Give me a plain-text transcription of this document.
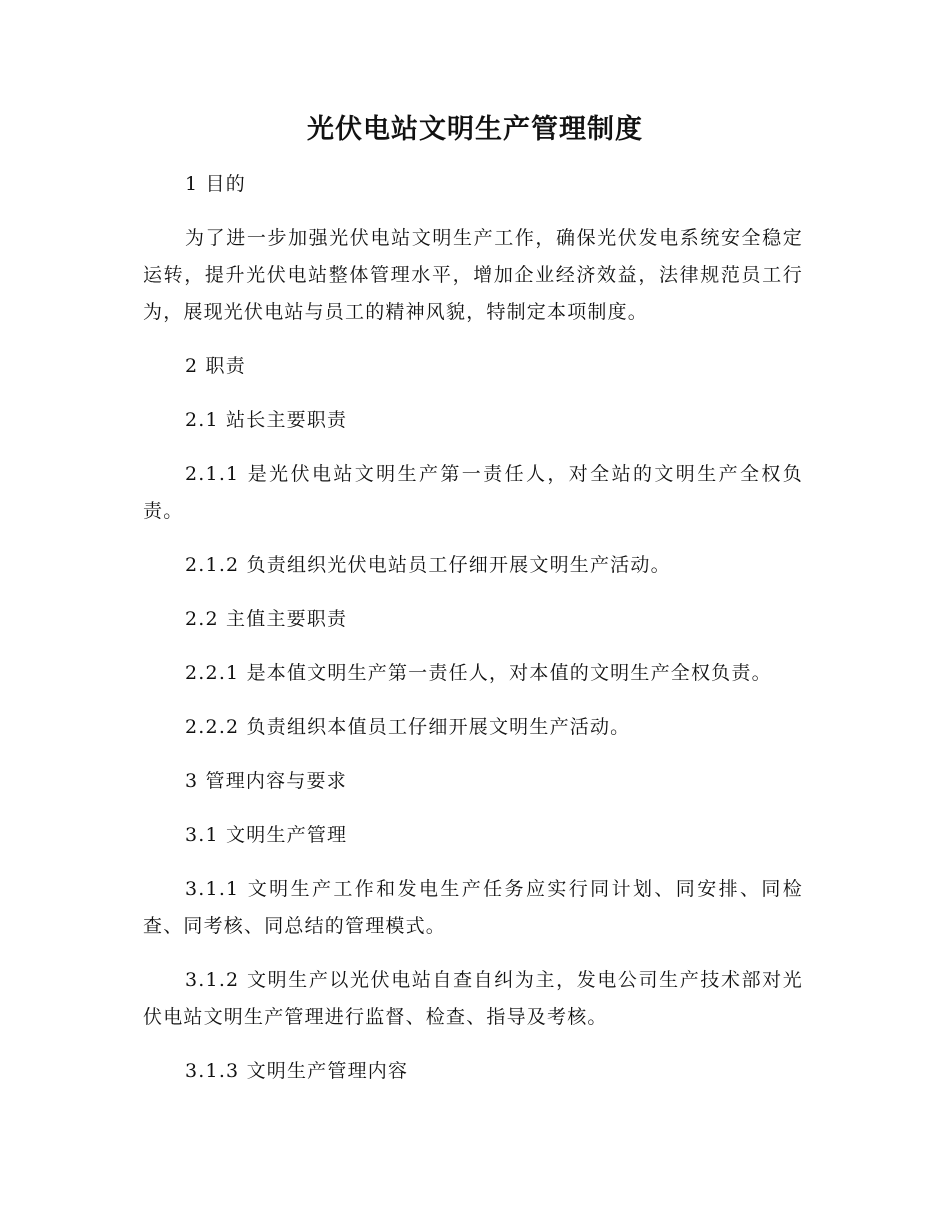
光伏电站文明生产管理制度

1 目的

为了进一步加强光伏电站文明生产工作，确保光伏发电系统安全稳定运转，提升光伏电站整体管理水平，增加企业经济效益，法律规范员工行为，展现光伏电站与员工的精神风貌，特制定本项制度。

2 职责

2.1 站长主要职责

2.1.1 是光伏电站文明生产第一责任人，对全站的文明生产全权负责。

2.1.2 负责组织光伏电站员工仔细开展文明生产活动。

2.2 主值主要职责

2.2.1 是本值文明生产第一责任人，对本值的文明生产全权负责。

2.2.2 负责组织本值员工仔细开展文明生产活动。

3 管理内容与要求

3.1 文明生产管理

3.1.1 文明生产工作和发电生产任务应实行同计划、同安排、同检查、同考核、同总结的管理模式。

3.1.2 文明生产以光伏电站自查自纠为主，发电公司生产技术部对光伏电站文明生产管理进行监督、检查、指导及考核。

3.1.3 文明生产管理内容
